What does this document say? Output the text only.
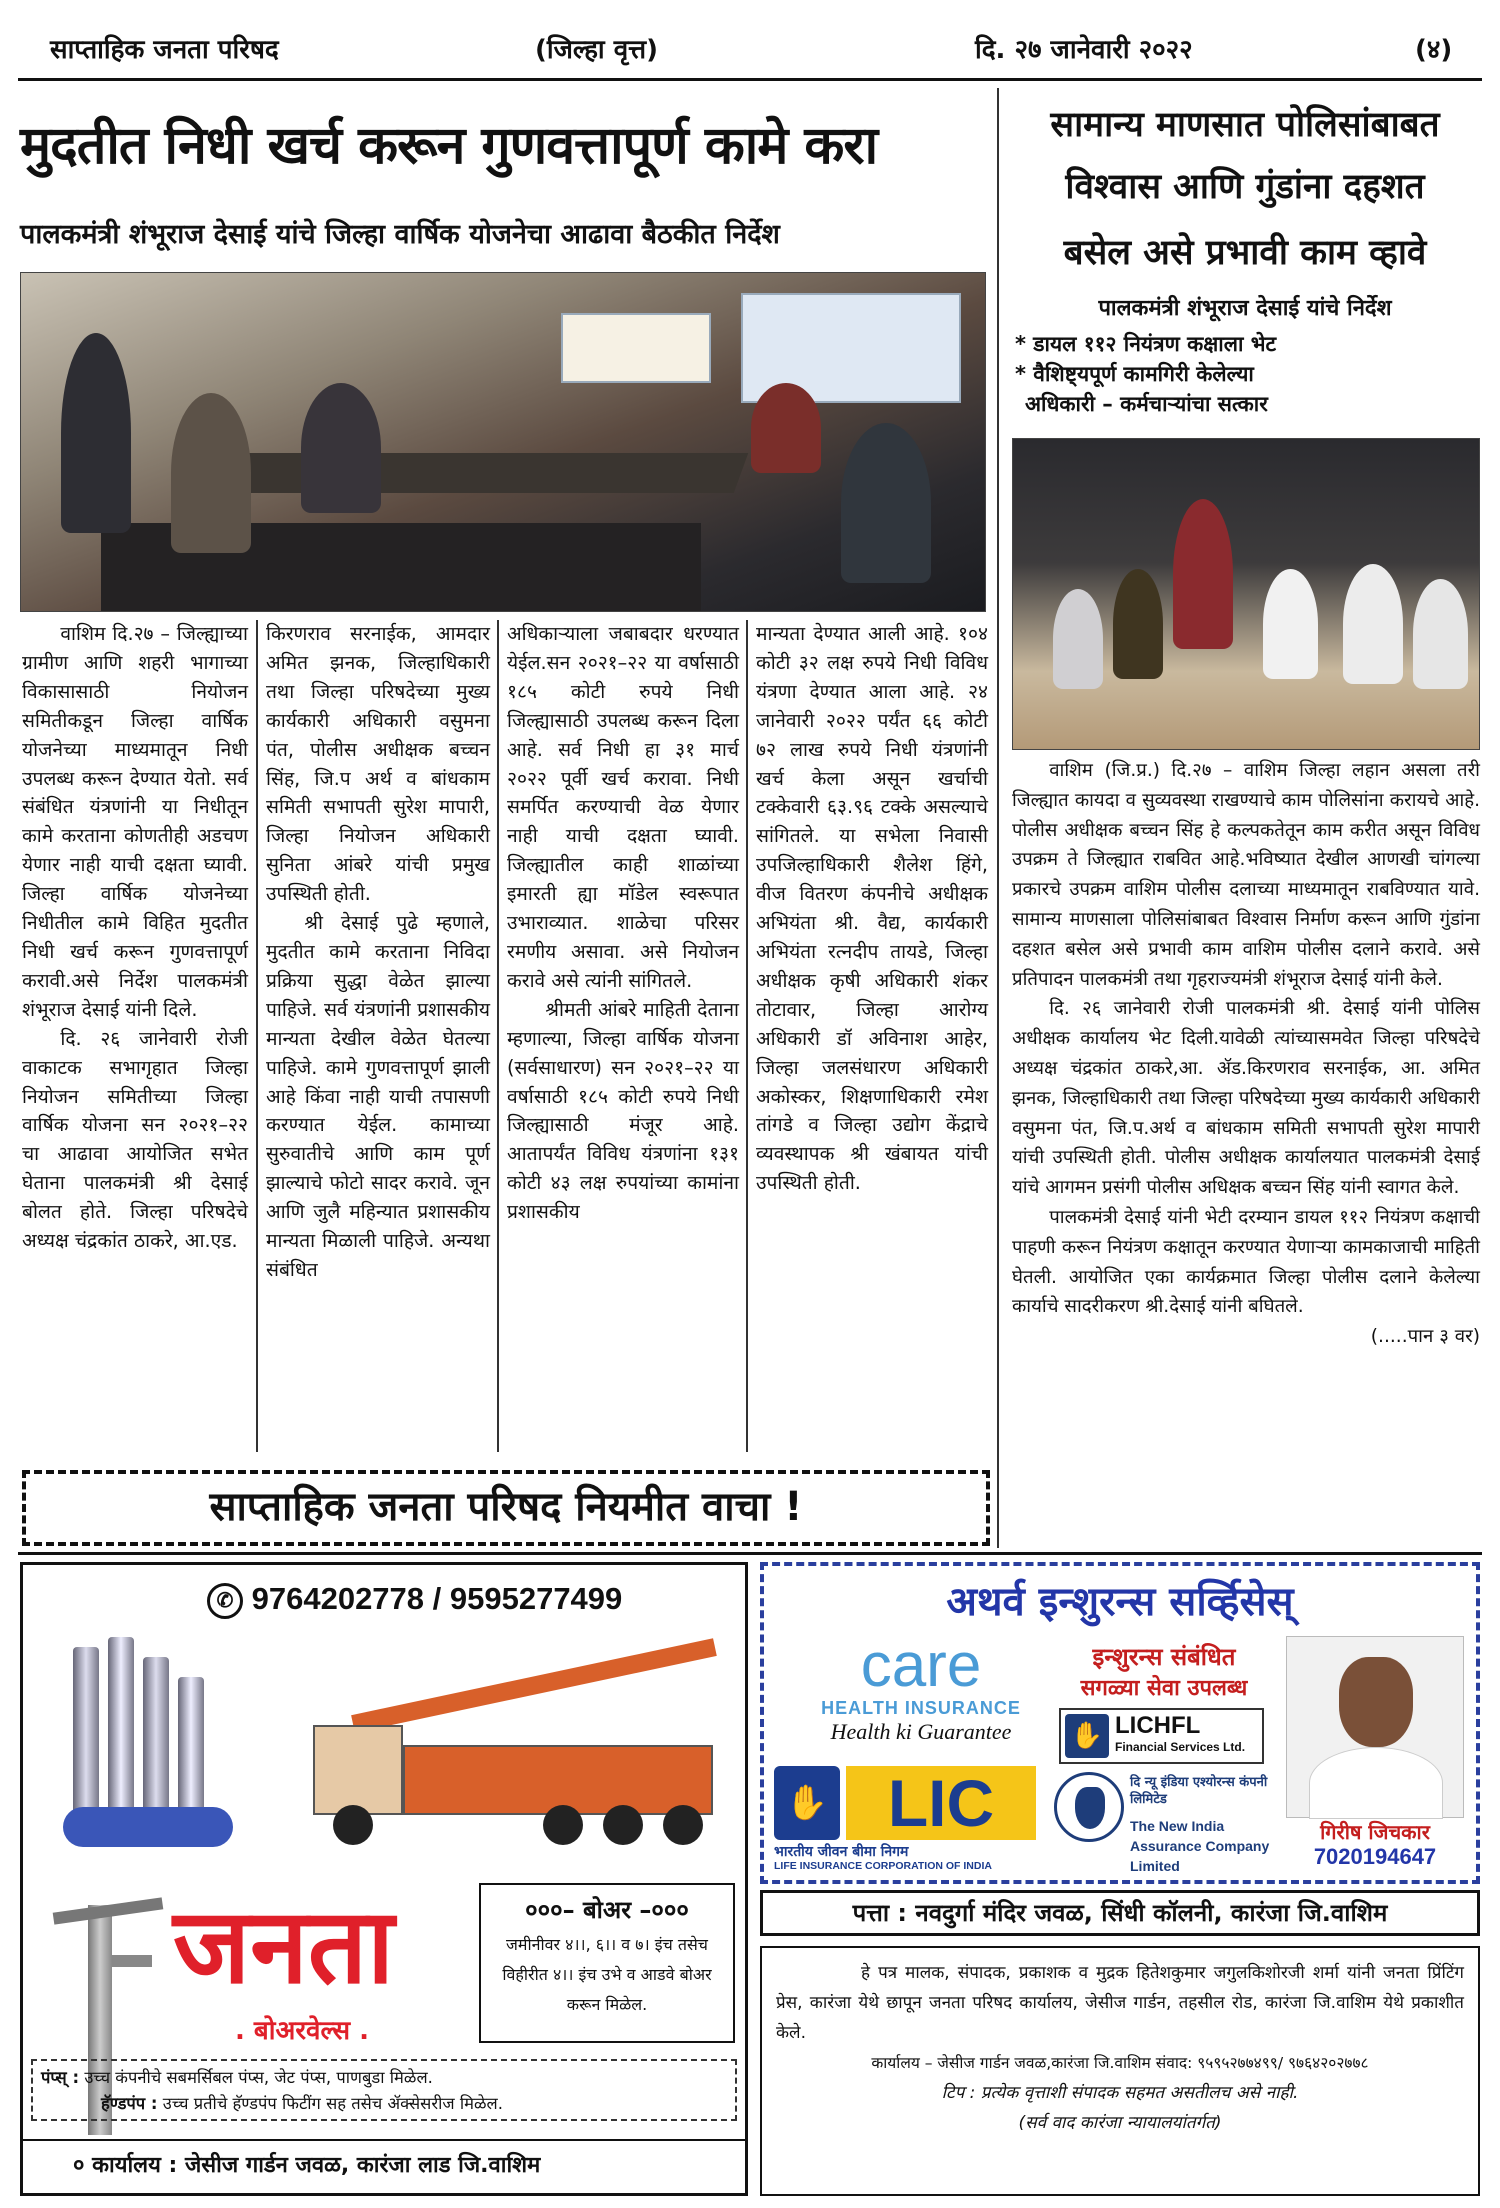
साप्ताहिक जनता परिषद	(जिल्हा वृत्त)	दि. २७ जानेवारी २०२२	(४)
मुदतीत निधी खर्च करून गुणवत्तापूर्ण कामे करा
पालकमंत्री शंभूराज देसाई यांचे जिल्हा वार्षिक योजनेचा आढावा बैठकीत निर्देश

वाशिम दि.२७ – जिल्ह्याच्या ग्रामीण आणि शहरी भागाच्या विकासासाठी नियोजन समितीकडून जिल्हा वार्षिक योजनेच्या माध्यमातून निधी उपलब्ध करून देण्यात येतो. सर्व संबंधित यंत्रणांनी या निधीतून कामे करताना कोणतीही अडचण येणार नाही याची दक्षता घ्यावी. जिल्हा वार्षिक योजनेच्या निधीतील कामे विहित मुदतीत निधी खर्च करून गुणवत्तापूर्ण करावी.असे निर्देश पालकमंत्री शंभूराज देसाई यांनी दिले.

दि. २६ जानेवारी रोजी वाकाटक सभागृहात जिल्हा नियोजन समितीच्या जिल्हा वार्षिक योजना सन २०२१–२२ चा आढावा आयोजित सभेत घेताना पालकमंत्री श्री देसाई बोलत होते. जिल्हा परिषदेचे अध्यक्ष चंद्रकांत ठाकरे, आ.एड.

किरणराव सरनाईक, आमदार अमित झनक, जिल्हाधिकारी तथा जिल्हा परिषदेच्या मुख्य कार्यकारी अधिकारी वसुमना पंत, पोलीस अधीक्षक बच्चन सिंह, जि.प अर्थ व बांधकाम समिती सभापती सुरेश मापारी, जिल्हा नियोजन अधिकारी सुनिता आंबरे यांची प्रमुख उपस्थिती होती.

श्री देसाई पुढे म्हणाले, मुदतीत कामे करताना निविदा प्रक्रिया सुद्धा वेळेत झाल्या पाहिजे. सर्व यंत्रणांनी प्रशासकीय मान्यता देखील वेळेत घेतल्या पाहिजे. कामे गुणवत्तापूर्ण झाली आहे किंवा नाही याची तपासणी करण्यात येईल. कामाच्या सुरुवातीचे आणि काम पूर्ण झाल्याचे फोटो सादर करावे. जून आणि जुलै महिन्यात प्रशासकीय मान्यता मिळाली पाहिजे. अन्यथा संबंधित

अधिकाऱ्याला जबाबदार धरण्यात येईल.सन २०२१–२२ या वर्षासाठी १८५ कोटी रुपये निधी जिल्ह्यासाठी उपलब्ध करून दिला आहे. सर्व निधी हा ३१ मार्च २०२२ पूर्वी खर्च करावा. निधी समर्पित करण्याची वेळ येणार नाही याची दक्षता घ्यावी. जिल्ह्यातील काही शाळांच्या इमारती ह्या मॉडेल स्वरूपात उभाराव्यात. शाळेचा परिसर रमणीय असावा. असे नियोजन करावे असे त्यांनी सांगितले.

श्रीमती आंबरे माहिती देताना म्हणाल्या, जिल्हा वार्षिक योजना (सर्वसाधारण) सन २०२१–२२ या वर्षासाठी १८५ कोटी रुपये निधी जिल्ह्यासाठी मंजूर आहे. आतापर्यंत विविध यंत्रणांना १३१ कोटी ४३ लक्ष रुपयांच्या कामांना प्रशासकीय

मान्यता देण्यात आली आहे. १०४ कोटी ३२ लक्ष रुपये निधी विविध यंत्रणा देण्यात आला आहे. २४ जानेवारी २०२२ पर्यंत ६६ कोटी ७२ लाख रुपये निधी यंत्रणांनी खर्च केला असून खर्चाची टक्केवारी ६३.९६ टक्के असल्याचे सांगितले. या सभेला निवासी उपजिल्हाधिकारी शैलेश हिंगे, वीज वितरण कंपनीचे अधीक्षक अभियंता श्री. वैद्य, कार्यकारी अभियंता रत्नदीप तायडे, जिल्हा अधीक्षक कृषी अधिकारी शंकर तोटावार, जिल्हा आरोग्य अधिकारी डॉ अविनाश आहेर, जिल्हा जलसंधारण अधिकारी अकोस्कर, शिक्षणाधिकारी रमेश तांगडे व जिल्हा उद्योग केंद्राचे व्यवस्थापक श्री खंबायत यांची उपस्थिती होती.

सामान्य माणसात पोलिसांबाबत
विश्वास आणि गुंडांना दहशत
बसेल असे प्रभावी काम व्हावे
पालकमंत्री शंभूराज देसाई यांचे निर्देश
* डायल ११२ नियंत्रण कक्षाला भेट
* वैशिष्ट्यपूर्ण कामगिरी केलेल्या
अधिकारी – कर्मचाऱ्यांचा सत्कार

वाशिम (जि.प्र.) दि.२७ – वाशिम जिल्हा लहान असला तरी जिल्ह्यात कायदा व सुव्यवस्था राखण्याचे काम पोलिसांना करायचे आहे. पोलीस अधीक्षक बच्चन सिंह हे कल्पकतेतून काम करीत असून विविध उपक्रम ते जिल्ह्यात राबवित आहे.भविष्यात देखील आणखी चांगल्या प्रकारचे उपक्रम वाशिम पोलीस दलाच्या माध्यमातून राबविण्यात यावे. सामान्य माणसाला पोलिसांबाबत विश्वास निर्माण करून आणि गुंडांना दहशत बसेल असे प्रभावी काम वाशिम पोलीस दलाने करावे. असे प्रतिपादन पालकमंत्री तथा गृहराज्यमंत्री शंभूराज देसाई यांनी केले.

दि. २६ जानेवारी रोजी पालकमंत्री श्री. देसाई यांनी पोलिस अधीक्षक कार्यालय भेट दिली.यावेळी त्यांच्यासमवेत जिल्हा परिषदेचे अध्यक्ष चंद्रकांत ठाकरे,आ. ॲड.किरणराव सरनाईक, आ. अमित झनक, जिल्हाधिकारी तथा जिल्हा परिषदेच्या मुख्य कार्यकारी अधिकारी वसुमना पंत, जि.प.अर्थ व बांधकाम समिती सभापती सुरेश मापारी यांची उपस्थिती होती. पोलीस अधीक्षक कार्यालयात पालकमंत्री देसाई यांचे आगमन प्रसंगी पोलीस अधिक्षक बच्चन सिंह यांनी स्वागत केले.

पालकमंत्री देसाई यांनी भेटी दरम्यान डायल ११२ नियंत्रण कक्षाची पाहणी करून नियंत्रण कक्षातून करण्यात येणाऱ्या कामकाजाची माहिती घेतली. आयोजित एका कार्यक्रमात जिल्हा पोलीस दलाने केलेल्या कार्याचे सादरीकरण श्री.देसाई यांनी बघितले.

(.....पान ३ वर)

साप्ताहिक जनता परिषद नियमीत वाचा !
✆ 9764202778 / 9595277499
जनता
. बोअरवेल्स .
०००– बोअर –०००
जमीनीवर ४।।, ६।। व ७। इंच तसेच विहीरीत ४।। इंच उभे व आडवे बोअर करून मिळेल.
पंप्स् : उच्च कंपनीचे सबमर्सिबल पंप्स, जेट पंप्स, पाणबुडा मिळेल.
हॅण्डपंप : उच्च प्रतीचे हॅण्डपंप फिटींग सह तसेच ॲक्सेसरीज मिळेल.
० कार्यालय : जेसीज गार्डन जवळ, कारंजा लाड जि.वाशिम
अथर्व इन्शुरन्स सर्व्हिसेस्
care
HEALTH INSURANCE
Health ki Guarantee
इन्शुरन्स संबंधित
सगळ्या सेवा उपलब्ध
✋ LICHFL
Financial Services Ltd.
गिरीष जिचकार
7020194647
✋ LIC
भारतीय जीवन बीमा निगम
LIFE INSURANCE CORPORATION OF INDIA
दि न्यू इंडिया एश्योरन्स कंपनी लिमिटेड
The New India Assurance Company Limited
पत्ता : नवदुर्गा मंदिर जवळ, सिंधी कॉलनी, कारंजा जि.वाशिम
हे पत्र मालक, संपादक, प्रकाशक व मुद्रक हितेशकुमार जगुलकिशोरजी शर्मा यांनी जनता प्रिंटिंग प्रेस, कारंजा येथे छापून जनता परिषद कार्यालय, जेसीज गार्डन, तहसील रोड, कारंजा जि.वाशिम येथे प्रकाशीत केले.
कार्यालय – जेसीज गार्डन जवळ,कारंजा जि.वाशिम संवाद: ९५९५२७७४९९/ ९७६४२०२७७८
टिप : प्रत्येक वृत्ताशी संपादक सहमत असतीलच असे नाही.
(सर्व वाद कारंजा न्यायालयांतर्गत)
